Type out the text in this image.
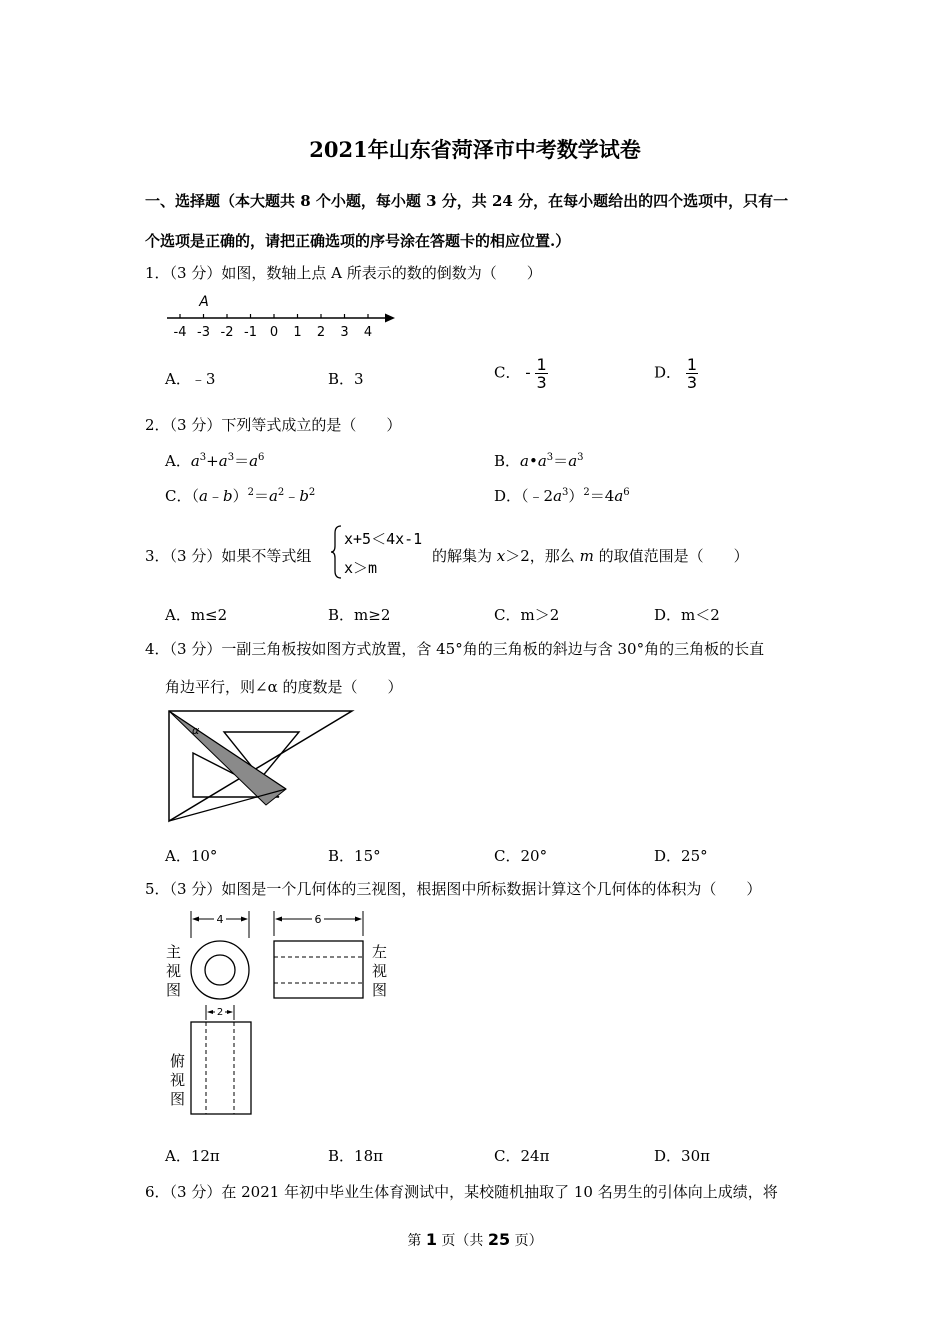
2021年山东省菏泽市中考数学试卷
一、选择题（本大题共 8 个小题，每小题 3 分，共 24 分，在每小题给出的四个选项中，只有一
个选项是正确的，请把正确选项的序号涂在答题卡的相应位置.）
1．（3 分）如图，数轴上点 A 所表示的数的倒数为（　　）
-4 -3 -2 -1 0 1 2 3 4
A
A．﹣3	B．3	C． - $\frac{1}{3}$	D． $\frac{1}{3}$
2．（3 分）下列等式成立的是（　　）
A．$a^3+a^3=a^6$	B．$a•a^3=a^3$
C．$(a﹣b)^2=a^2﹣b^2$	D．$(﹣2a^3)^2=4a^6$
3．（3 分）如果不等式组
x+5＜4x-1
x＞m
的解集为 x＞2，那么 m 的取值范围是（　　）
A．m≤2	B．m≥2	C．m＞2	D．m＜2
4．（3 分）一副三角板按如图方式放置，含 45°角的三角板的斜边与含 30°角的三角板的长直
角边平行，则∠α 的度数是（　　）
α
A．10°	B．15°	C．20°	D．25°
5．（3 分）如图是一个几何体的三视图，根据图中所标数据计算这个几何体的体积为（　　）
4	6
2
主视图
左视图
俯视图
A．12π	B．18π	C．24π	D．30π
6．（3 分）在 2021 年初中毕业生体育测试中，某校随机抽取了 10 名男生的引体向上成绩，将
第 1 页（共 25 页）
